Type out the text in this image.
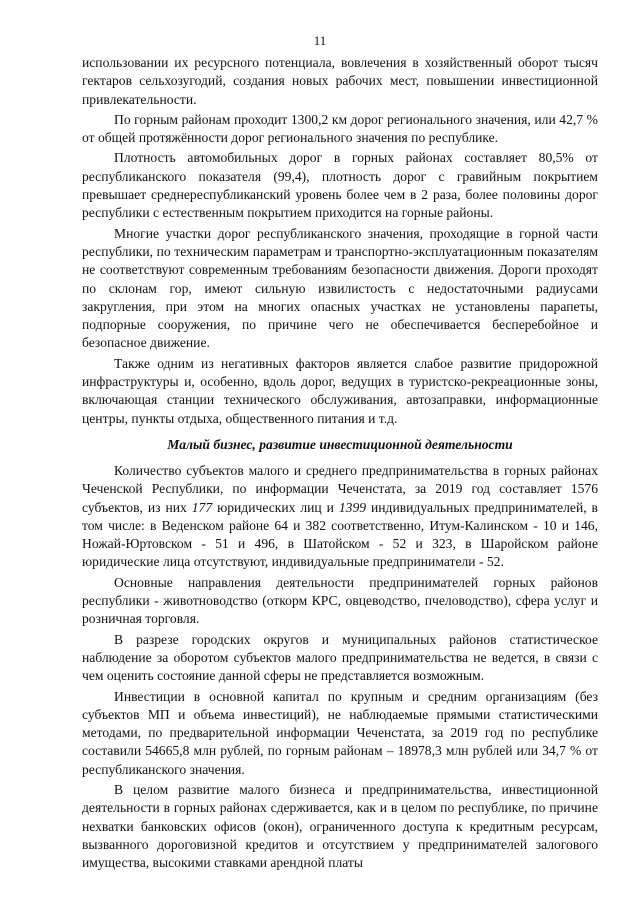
11

использовании их ресурсного потенциала, вовлечения в хозяйственный оборот тысяч гектаров сельхозугодий, создания новых рабочих мест, повышении инвестиционной привлекательности.

По горным районам проходит 1300,2 км дорог регионального значения, или 42,7 % от общей протяжённости дорог регионального значения по республике.

Плотность автомобильных дорог в горных районах составляет 80,5% от республиканского показателя (99,4), плотность дорог с гравийным покрытием превышает среднереспубликанский уровень более чем в 2 раза, более половины дорог республики с естественным покрытием приходится на горные районы.

Многие участки дорог республиканского значения, проходящие в горной части республики, по техническим параметрам и транспортно-эксплуатационным показателям не соответствуют современным требованиям безопасности движения. Дороги проходят по склонам гор, имеют сильную извилистость с недостаточными радиусами закругления, при этом на многих опасных участках не установлены парапеты, подпорные сооружения, по причине чего не обеспечивается бесперебойное и безопасное движение.

Также одним из негативных факторов является слабое развитие придорожной инфраструктуры и, особенно, вдоль дорог, ведущих в туристско-рекреационные зоны, включающая станции технического обслуживания, автозаправки, информационные центры, пункты отдыха, общественного питания и т.д.

Малый бизнес, развитие инвестиционной деятельности

Количество субъектов малого и среднего предпринимательства в горных районах Чеченской Республики, по информации Чеченстата, за 2019 год составляет 1576 субъектов, из них 177 юридических лиц и 1399 индивидуальных предпринимателей, в том числе: в Веденском районе 64 и 382 соответственно, Итум-Калинском - 10 и 146, Ножай-Юртовском - 51 и 496, в Шатойском - 52 и 323, в Шаройском районе юридические лица отсутствуют, индивидуальные предприниматели - 52.

Основные направления деятельности предпринимателей горных районов республики - животноводство (откорм КРС, овцеводство, пчеловодство), сфера услуг и розничная торговля.

В разрезе городских округов и муниципальных районов статистическое наблюдение за оборотом субъектов малого предпринимательства не ведется, в связи с чем оценить состояние данной сферы не представляется возможным.

Инвестиции в основной капитал по крупным и средним организациям (без субъектов МП и объема инвестиций), не наблюдаемые прямыми статистическими методами, по предварительной информации Чеченстата, за 2019 год по республике составили 54665,8 млн рублей, по горным районам – 18978,3 млн рублей или 34,7 % от республиканского значения.

В целом развитие малого бизнеса и предпринимательства, инвестиционной деятельности в горных районах сдерживается, как и в целом по республике, по причине нехватки банковских офисов (окон), ограниченного доступа к кредитным ресурсам, вызванного дороговизной кредитов и отсутствием у предпринимателей залогового имущества, высокими ставками арендной платы
